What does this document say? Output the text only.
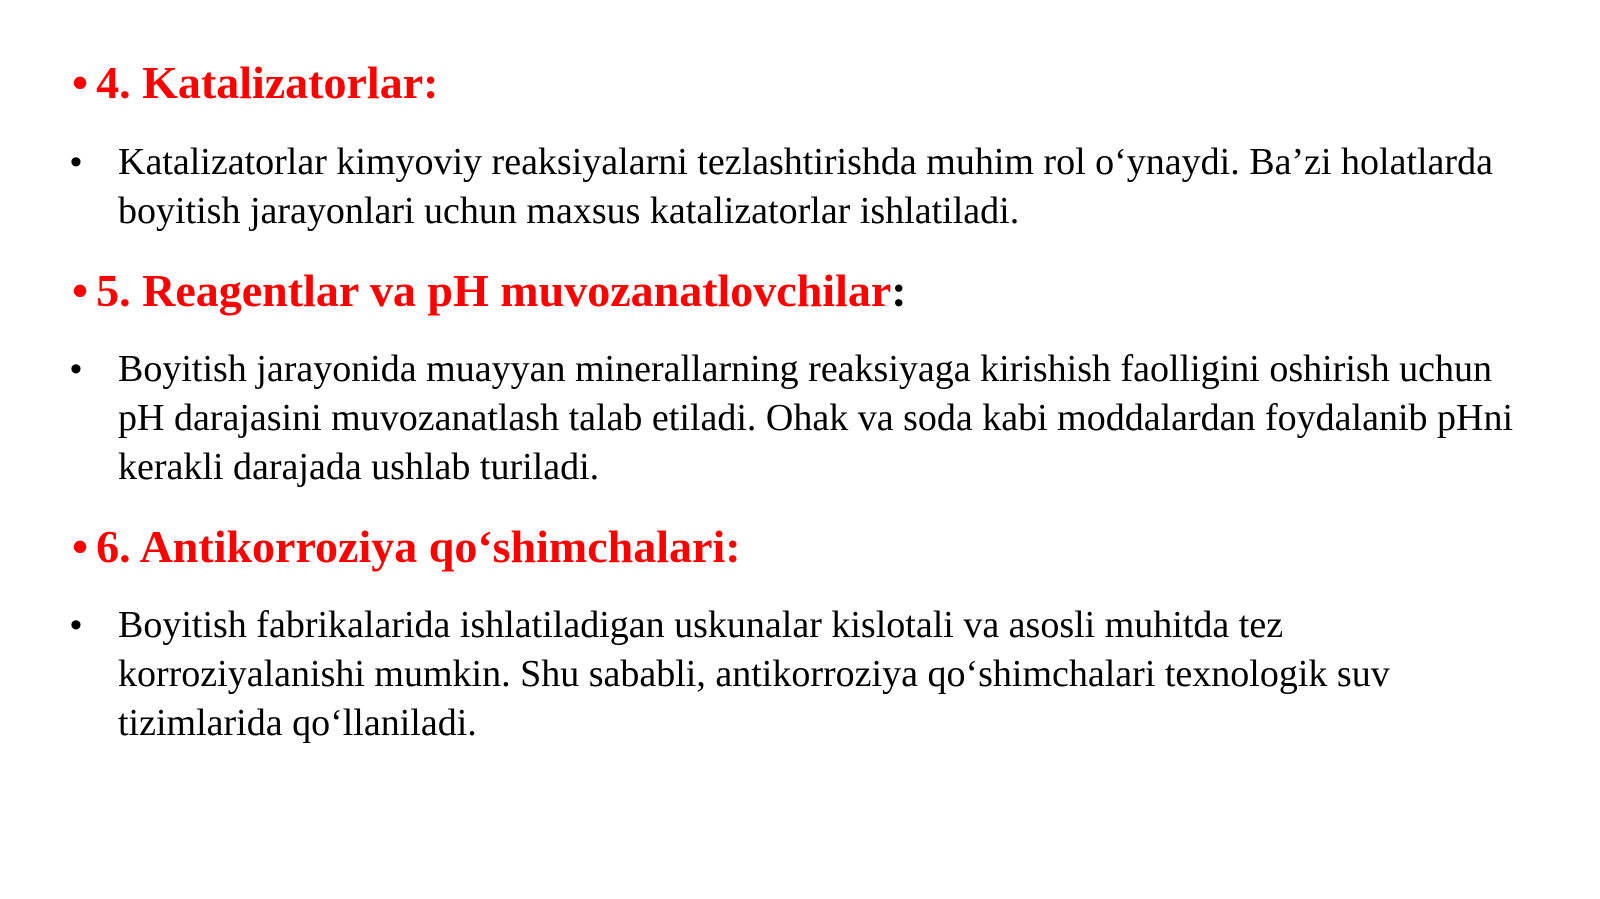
• 4. Katalizatorlar:
• Katalizatorlar kimyoviy reaksiyalarni tezlashtirishda muhim rol o‘ynaydi. Ba’zi holatlarda boyitish jarayonlari uchun maxsus katalizatorlar ishlatiladi.
• 5. Reagentlar va pH muvozanatlovchilar:
• Boyitish jarayonida muayyan minerallarning reaksiyaga kirishish faolligini oshirish uchun pH darajasini muvozanatlash talab etiladi. Ohak va soda kabi moddalardan foydalanib pHni kerakli darajada ushlab turiladi.
• 6. Antikorroziya qo‘shimchalari:
• Boyitish fabrikalarida ishlatiladigan uskunalar kislotali va asosli muhitda tez korroziyalanishi mumkin. Shu sababli, antikorroziya qo‘shimchalari texnologik suv tizimlarida qo‘llaniladi.
